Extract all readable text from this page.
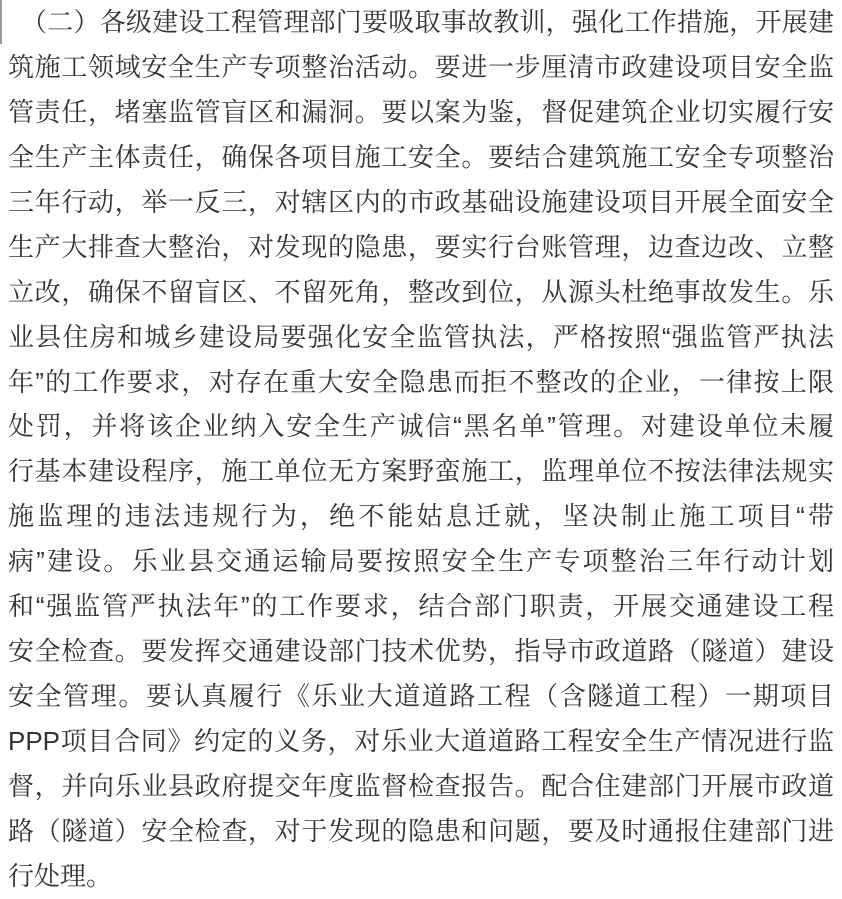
（二）各级建设工程管理部门要吸取事故教训，强化工作措施，开展建
筑施工领域安全生产专项整治活动。要进一步厘清市政建设项目安全监
管责任，堵塞监管盲区和漏洞。要以案为鉴，督促建筑企业切实履行安
全生产主体责任，确保各项目施工安全。要结合建筑施工安全专项整治
三年行动，举一反三，对辖区内的市政基础设施建设项目开展全面安全
生产大排查大整治，对发现的隐患，要实行台账管理，边查边改、立整
立改，确保不留盲区、不留死角，整改到位，从源头杜绝事故发生。乐
业县住房和城乡建设局要强化安全监管执法，严格按照“强监管严执法
年”的工作要求，对存在重大安全隐患而拒不整改的企业，一律按上限
处罚，并将该企业纳入安全生产诚信“黑名单”管理。对建设单位未履
行基本建设程序，施工单位无方案野蛮施工，监理单位不按法律法规实
施监理的违法违规行为，绝不能姑息迁就，坚决制止施工项目“带
病”建设。乐业县交通运输局要按照安全生产专项整治三年行动计划
和“强监管严执法年”的工作要求，结合部门职责，开展交通建设工程
安全检查。要发挥交通建设部门技术优势，指导市政道路（隧道）建设
安全管理。要认真履行《乐业大道道路工程（含隧道工程）一期项目
PPP项目合同》约定的义务，对乐业大道道路工程安全生产情况进行监
督，并向乐业县政府提交年度监督检查报告。配合住建部门开展市政道
路（隧道）安全检查，对于发现的隐患和问题，要及时通报住建部门进
行处理。
